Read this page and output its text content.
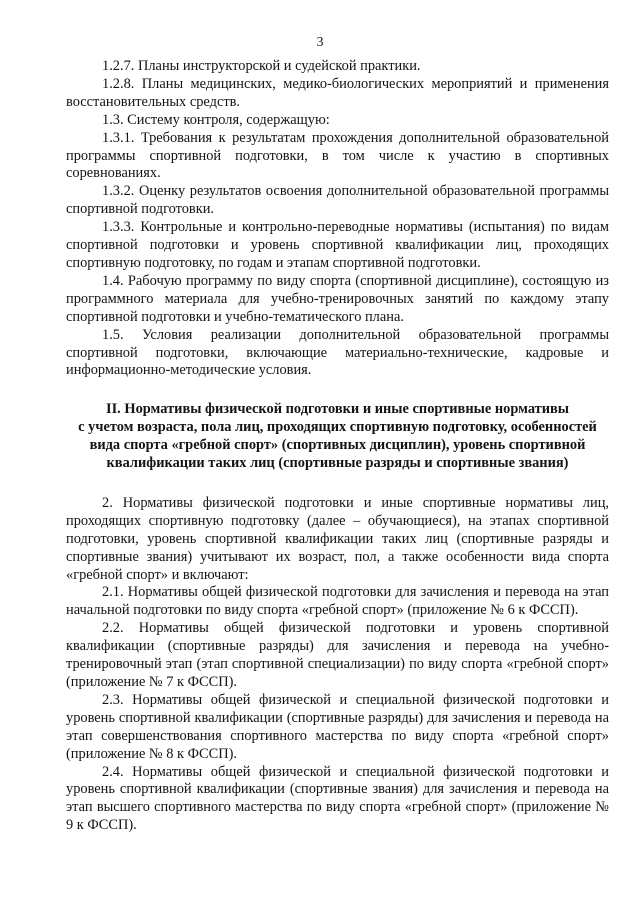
3

1.2.7. Планы инструкторской и судейской практики.

1.2.8. Планы медицинских, медико-биологических мероприятий и применения восстановительных средств.

1.3. Систему контроля, содержащую:

1.3.1. Требования к результатам прохождения дополнительной образовательной программы спортивной подготовки, в том числе к участию в спортивных соревнованиях.

1.3.2. Оценку результатов освоения дополнительной образовательной программы спортивной подготовки.

1.3.3. Контрольные и контрольно-переводные нормативы (испытания) по видам спортивной подготовки и уровень спортивной квалификации лиц, проходящих спортивную подготовку, по годам и этапам спортивной подготовки.

1.4. Рабочую программу по виду спорта (спортивной дисциплине), состоящую из программного материала для учебно-тренировочных занятий по каждому этапу спортивной подготовки и учебно-тематического плана.

1.5. Условия реализации дополнительной образовательной программы спортивной подготовки, включающие материально-технические, кадровые и информационно-методические условия.

II. Нормативы физической подготовки и иные спортивные нормативы
с учетом возраста, пола лиц, проходящих спортивную подготовку, особенностей
вида спорта «гребной спорт» (спортивных дисциплин), уровень спортивной
квалификации таких лиц (спортивные разряды и спортивные звания)

2. Нормативы физической подготовки и иные спортивные нормативы лиц, проходящих спортивную подготовку (далее – обучающиеся), на этапах спортивной подготовки, уровень спортивной квалификации таких лиц (спортивные разряды и спортивные звания) учитывают их возраст, пол, а также особенности вида спорта «гребной спорт» и включают:

2.1. Нормативы общей физической подготовки для зачисления и перевода на этап начальной подготовки по виду спорта «гребной спорт» (приложение № 6 к ФССП).

2.2. Нормативы общей физической подготовки и уровень спортивной квалификации (спортивные разряды) для зачисления и перевода на учебно-тренировочный этап (этап спортивной специализации) по виду спорта «гребной спорт» (приложение № 7 к ФССП).

2.3. Нормативы общей физической и специальной физической подготовки и уровень спортивной квалификации (спортивные разряды) для зачисления и перевода на этап совершенствования спортивного мастерства по виду спорта «гребной спорт» (приложение № 8 к ФССП).

2.4. Нормативы общей физической и специальной физической подготовки и уровень спортивной квалификации (спортивные звания) для зачисления и перевода на этап высшего спортивного мастерства по виду спорта «гребной спорт» (приложение № 9 к ФССП).
